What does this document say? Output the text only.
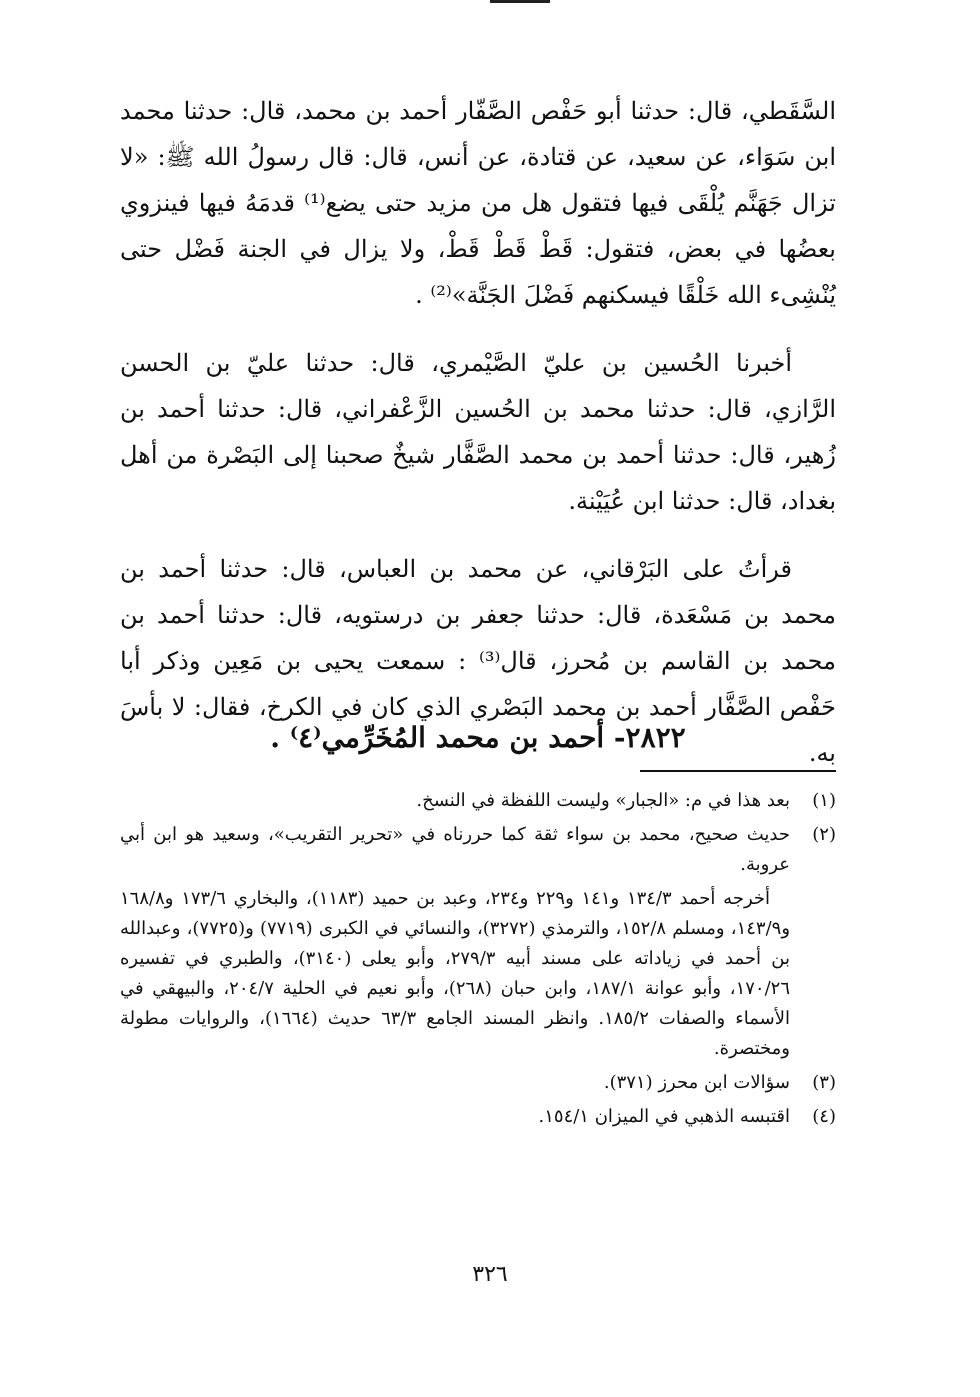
السَّقَطي، قال: حدثنا أبو حَفْص الصَّفّار أحمد بن محمد، قال: حدثنا محمد ابن سَوَاء، عن سعيد، عن قتادة، عن أنس، قال: قال رسولُ الله ﷺ: «لا تزال جَهَنَّم يُلْقَى فيها فتقول هل من مزيد حتى يضع⁽¹⁾ قدمَهُ فيها فينزوي بعضُها في بعض، فتقول: قَطْ قَطْ قَطْ، ولا يزال في الجنة فَضْل حتى يُنْشِىء الله خَلْقًا فيسكنهم فَضْلَ الجَنَّة»⁽²⁾ .

أخبرنا الحُسين بن عليّ الصَّيْمري، قال: حدثنا عليّ بن الحسن الرَّازي، قال: حدثنا محمد بن الحُسين الزَّعْفراني، قال: حدثنا أحمد بن زُهير، قال: حدثنا أحمد بن محمد الصَّفَّار شيخٌ صحبنا إلى البَصْرة من أهل بغداد، قال: حدثنا ابن عُيَيْنة.

قرأتُ على البَرْقاني، عن محمد بن العباس، قال: حدثنا أحمد بن محمد بن مَسْعَدة، قال: حدثنا جعفر بن درستويه، قال: حدثنا أحمد بن محمد بن القاسم بن مُحرز، قال⁽³⁾ : سمعت يحيى بن مَعِين وذكر أبا حَفْص الصَّفَّار أحمد بن محمد البَصْري الذي كان في الكرخ، فقال: لا بأسَ به.

٢٨٢٢- أحمد بن محمد المُخَرِّمي⁽٤⁾ .
(١)
بعد هذا في م: «الجبار» وليست اللفظة في النسخ.
(٢)
حديث صحيح، محمد بن سواء ثقة كما حررناه في «تحرير التقريب»، وسعيد هو ابن أبي عروبة.
أخرجه أحمد ١٣٤/٣ و١٤١ و٢٢٩ و٢٣٤، وعبد بن حميد (١١٨٣)، والبخاري ١٧٣/٦ و١٦٨/٨ و١٤٣/٩، ومسلم ١٥٢/٨، والترمذي (٣٢٧٢)، والنسائي في الكبرى (٧٧١٩) و(٧٧٢٥)، وعبدالله بن أحمد في زياداته على مسند أبيه ٢٧٩/٣، وأبو يعلى (٣١٤٠)، والطبري في تفسيره ١٧٠/٢٦، وأبو عوانة ١٨٧/١، وابن حبان (٢٦٨)، وأبو نعيم في الحلية ٢٠٤/٧، والبيهقي في الأسماء والصفات ١٨٥/٢. وانظر المسند الجامع ٦٣/٣ حديث (١٦٦٤)، والروايات مطولة ومختصرة.
(٣)
سؤالات ابن محرز (٣٧١).
(٤)
اقتبسه الذهبي في الميزان ١٥٤/١.
٣٢٦
